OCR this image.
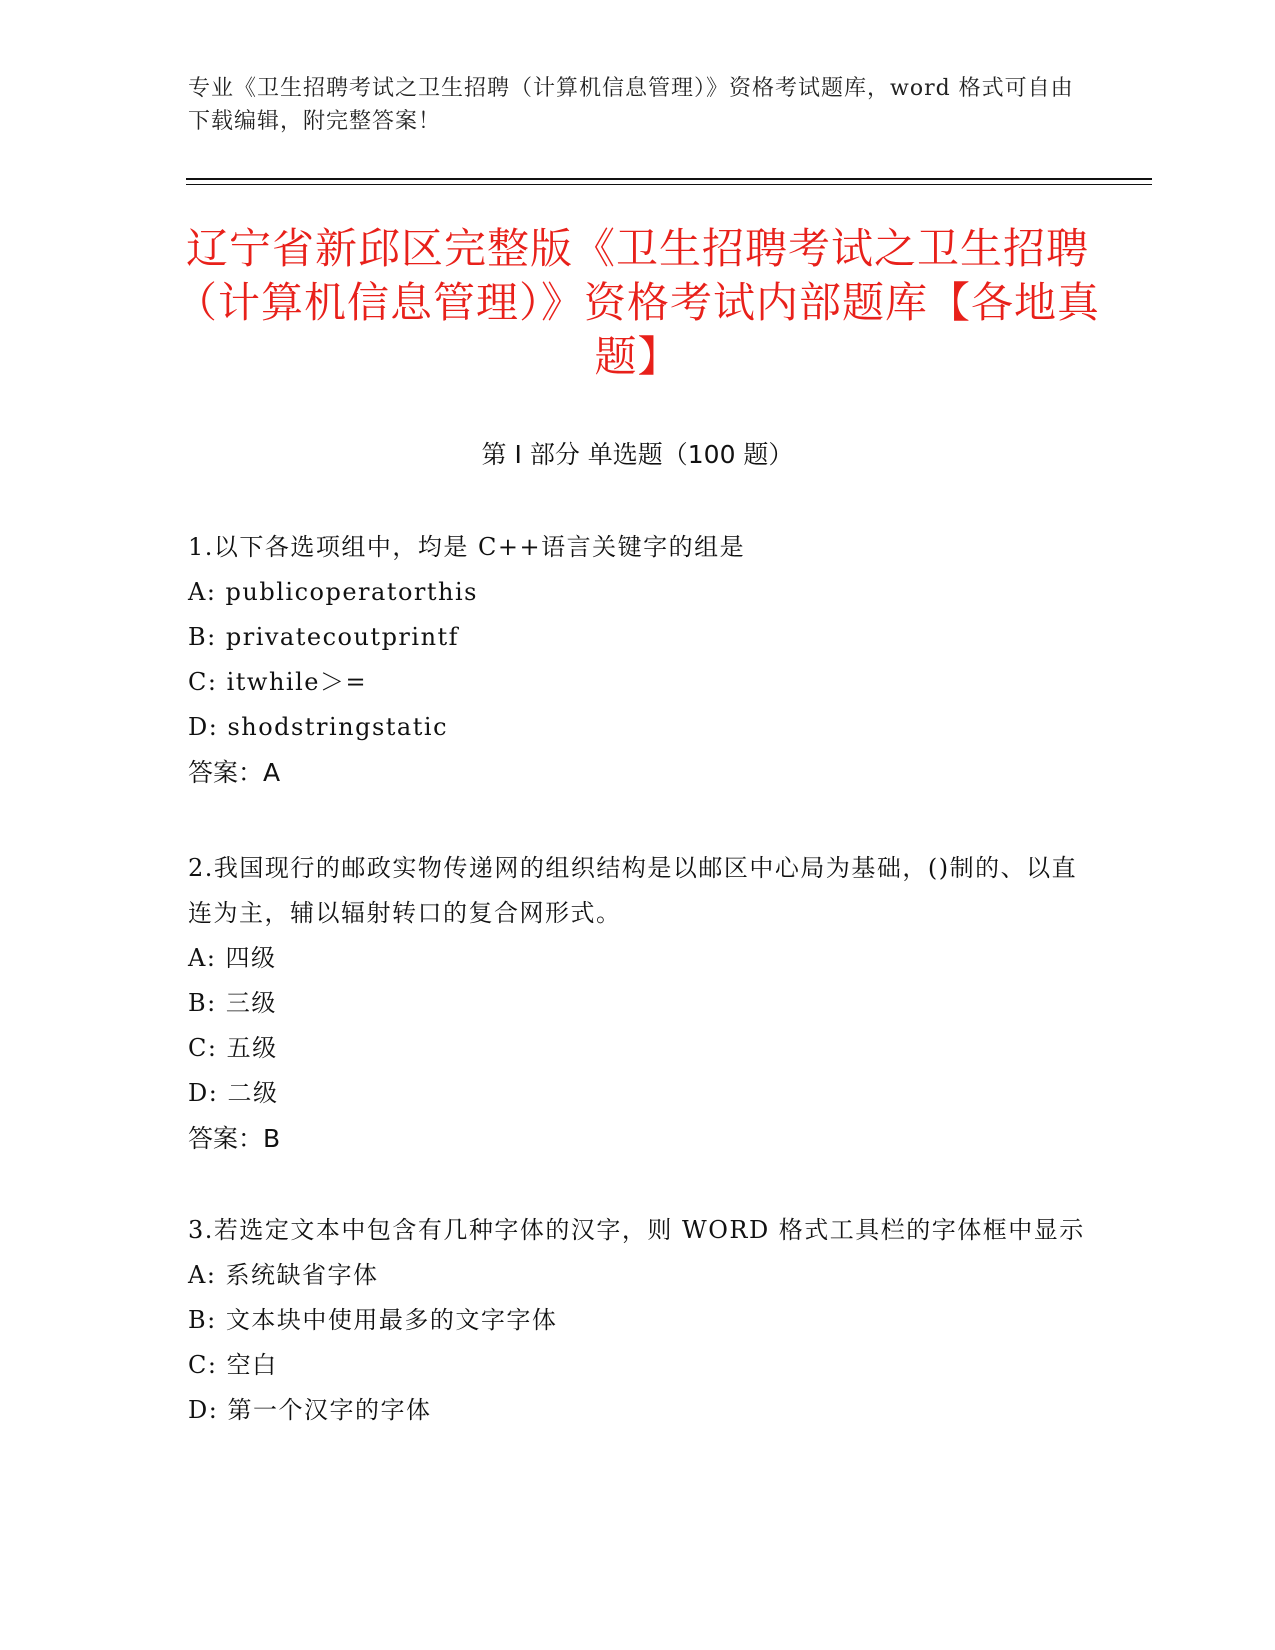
专业《卫生招聘考试之卫生招聘（计算机信息管理）》资格考试题库，word 格式可自由下载编辑，附完整答案！
辽宁省新邱区完整版《卫生招聘考试之卫生招聘（计算机信息管理）》资格考试内部题库【各地真题】
第 I 部分 单选题（100 题）

1.以下各选项组中，均是 C++语言关键字的组是

A: publicoperatorthis

B: privatecoutprintf

C: itwhile＞=

D: shodstringstatic

答案：A

2.我国现行的邮政实物传递网的组织结构是以邮区中心局为基础，()制的、以直连为主，辅以辐射转口的复合网形式。

A: 四级

B: 三级

C: 五级

D: 二级

答案：B

3.若选定文本中包含有几种字体的汉字，则 WORD 格式工具栏的字体框中显示

A: 系统缺省字体

B: 文本块中使用最多的文字字体

C: 空白

D: 第一个汉字的字体
